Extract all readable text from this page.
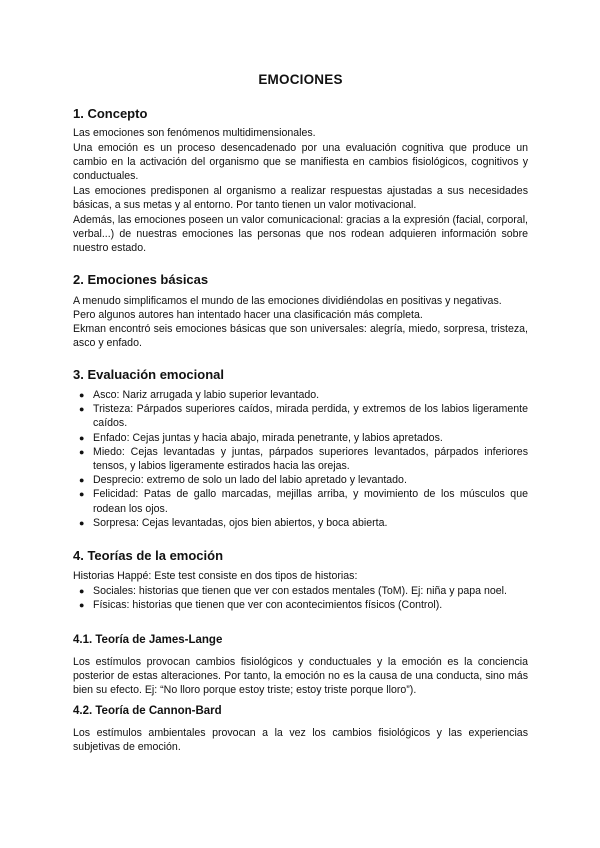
EMOCIONES
1. Concepto

Las emociones son fenómenos multidimensionales.

Una emoción es un proceso desencadenado por una evaluación cognitiva que produce un cambio en la activación del organismo que se manifiesta en cambios fisiológicos, cognitivos y conductuales.

Las emociones predisponen al organismo a realizar respuestas ajustadas a sus necesidades básicas, a sus metas y al entorno. Por tanto tienen un valor motivacional.

Además, las emociones poseen un valor comunicacional: gracias a la expresión (facial, corporal, verbal...) de nuestras emociones las personas que nos rodean adquieren información sobre nuestro estado.

2. Emociones básicas

A menudo simplificamos el mundo de las emociones dividiéndolas en positivas y negativas.

Pero algunos autores han intentado hacer una clasificación más completa.

Ekman encontró seis emociones básicas que son universales: alegría, miedo, sorpresa, tristeza, asco y enfado.

3. Evaluación emocional
● Asco: Nariz arrugada y labio superior levantado.
● Tristeza: Párpados superiores caídos, mirada perdida, y extremos de los labios ligeramente caídos.
● Enfado: Cejas juntas y hacia abajo, mirada penetrante, y labios apretados.
● Miedo: Cejas levantadas y juntas, párpados superiores levantados, párpados inferiores tensos, y labios ligeramente estirados hacia las orejas.
● Desprecio: extremo de solo un lado del labio apretado y levantado.
● Felicidad: Patas de gallo marcadas, mejillas arriba, y movimiento de los músculos que rodean los ojos.
● Sorpresa: Cejas levantadas, ojos bien abiertos, y boca abierta.
4. Teorías de la emoción

Historias Happé: Este test consiste en dos tipos de historias:

● Sociales: historias que tienen que ver con estados mentales (ToM). Ej: niña y papa noel.
● Físicas: historias que tienen que ver con acontecimientos físicos (Control).
4.1. Teoría de James-Lange

Los estímulos provocan cambios fisiológicos y conductuales y la emoción es la conciencia posterior de estas alteraciones. Por tanto, la emoción no es la causa de una conducta, sino más bien su efecto. Ej: “No lloro porque estoy triste; estoy triste porque lloro”).

4.2. Teoría de Cannon-Bard

Los estímulos ambientales provocan a la vez los cambios fisiológicos y las experiencias subjetivas de emoción.
